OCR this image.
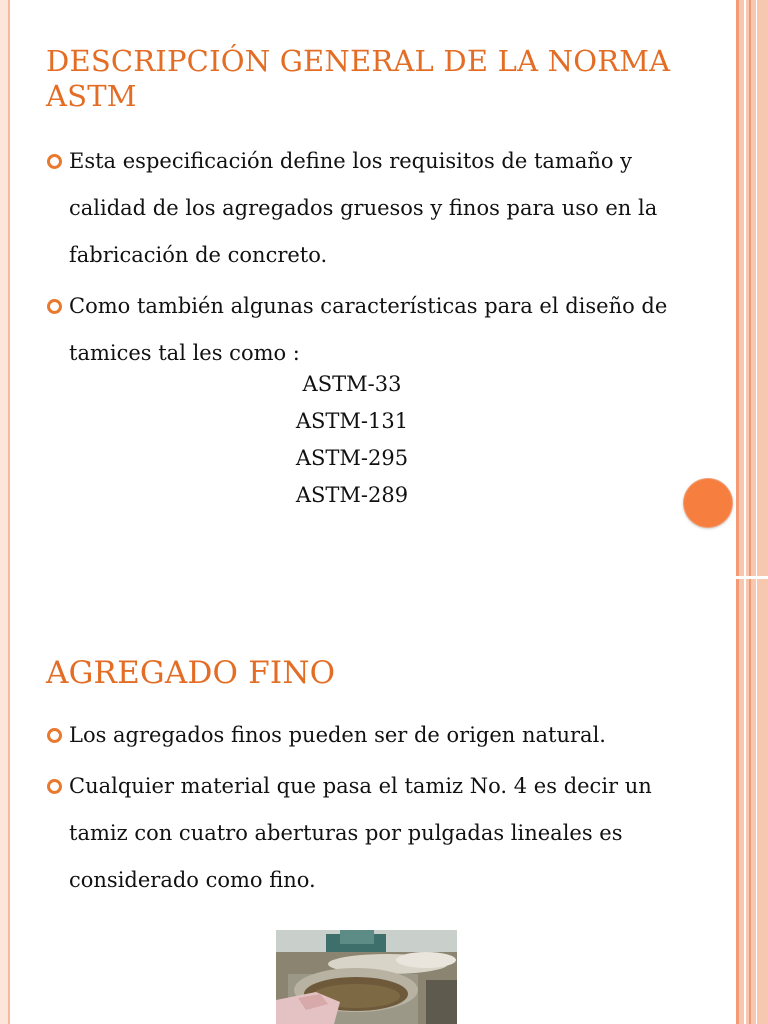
DESCRIPCIÓN GENERAL DE LA NORMA ASTM
Esta especificación define los requisitos de tamaño y calidad de los agregados gruesos y finos para uso en la fabricación de concreto.
Como también algunas características para el diseño de tamices tal les como :
ASTM-33
ASTM-131
ASTM-295
ASTM-289
AGREGADO FINO
Los agregados finos pueden ser de origen natural.
Cualquier material que pasa el tamiz No. 4 es decir un tamiz con cuatro aberturas por pulgadas lineales es considerado como fino.
